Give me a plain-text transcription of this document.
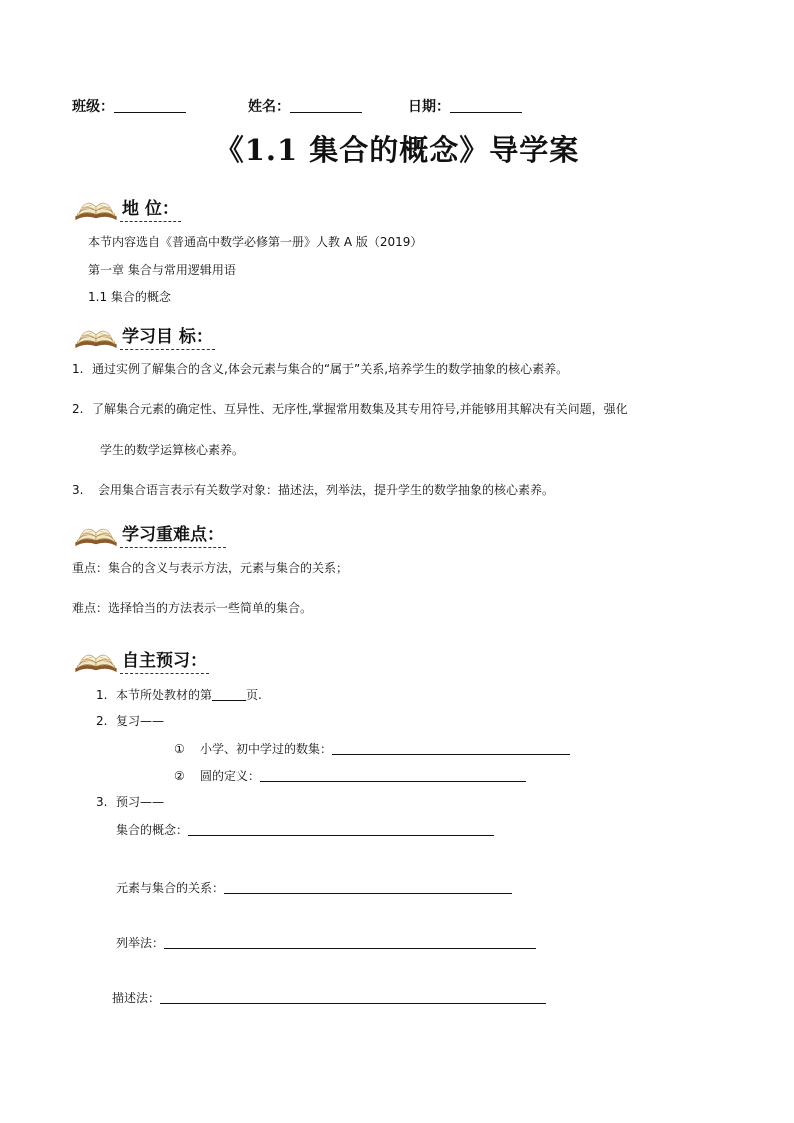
班级：	姓名：	日期：
《1.1 集合的概念》导学案
地 位：
本节内容选自《普通高中数学必修第一册》人教 A 版（2019）
第一章 集合与常用逻辑用语
1.1 集合的概念
学习目 标：
1. 通过实例了解集合的含义,体会元素与集合的“属于”关系,培养学生的数学抽象的核心素养。
2. 了解集合元素的确定性、互异性、无序性,掌握常用数集及其专用符号,并能够用其解决有关问题，强化
学生的数学运算核心素养。
3. 会用集合语言表示有关数学对象：描述法，列举法，提升学生的数学抽象的核心素养。
学习重难点：
重点：集合的含义与表示方法，元素与集合的关系；
难点：选择恰当的方法表示一些简单的集合。
自主预习：
1. 本节所处教材的第	页.
2. 复习——
① 小学、初中学过的数集：
② 圆的定义：
3. 预习——
集合的概念：
元素与集合的关系：
列举法：
描述法：
